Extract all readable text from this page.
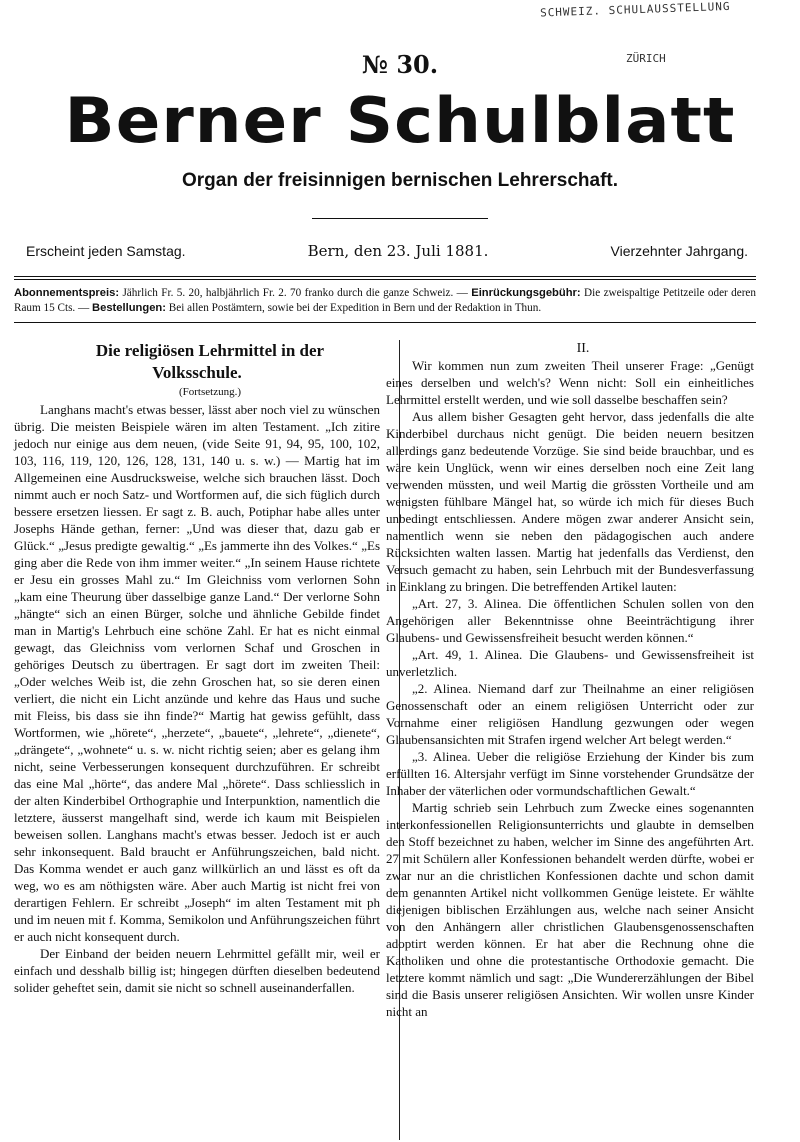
SCHWEIZ. SCHULAUSSTELLUNG
ZÜRICH
№ 30.
Berner Schulblatt
Organ der freisinnigen bernischen Lehrerschaft.
Erscheint jeden Samstag.	Bern, den 23. Juli 1881.	Vierzehnter Jahrgang.
Abonnementspreis: Jährlich Fr. 5. 20, halbjährlich Fr. 2. 70 franko durch die ganze Schweiz. — Einrückungsgebühr: Die zweispaltige Petitzeile oder deren Raum 15 Cts. — Bestellungen: Bei allen Postämtern, sowie bei der Expedition in Bern und der Redaktion in Thun.

Die religiösen Lehrmittel in der
Volksschule.

(Fortsetzung.)

Langhans macht's etwas besser, lässt aber noch viel zu wünschen übrig. Die meisten Beispiele wären im alten Testament. „Ich zitire jedoch nur einige aus dem neuen, (vide Seite 91, 94, 95, 100, 102, 103, 116, 119, 120, 126, 128, 131, 140 u. s. w.) — Martig hat im Allgemeinen eine Ausdrucksweise, welche sich brauchen lässt. Doch nimmt auch er noch Satz- und Wortformen auf, die sich füglich durch bessere ersetzen liessen. Er sagt z. B. auch, Potiphar habe alles unter Josephs Hände gethan, ferner: „Und was dieser that, dazu gab er Glück.“ „Jesus predigte gewaltig.“ „Es jammerte ihn des Volkes.“ „Es ging aber die Rede von ihm immer weiter.“ „In seinem Hause richtete er Jesu ein grosses Mahl zu.“ Im Gleichniss vom verlornen Sohn „kam eine Theurung über dasselbige ganze Land.“ Der verlorne Sohn „hängte“ sich an einen Bürger, solche und ähnliche Gebilde findet man in Martig's Lehrbuch eine schöne Zahl. Er hat es nicht einmal gewagt, das Gleichniss vom verlornen Schaf und Groschen in gehöriges Deutsch zu übertragen. Er sagt dort im zweiten Theil: „Oder welches Weib ist, die zehn Groschen hat, so sie deren einen verliert, die nicht ein Licht anzünde und kehre das Haus und suche mit Fleiss, bis dass sie ihn finde?“ Martig hat gewiss gefühlt, dass Wortformen, wie „hörete“, „herzete“, „bauete“, „lehrete“, „dienete“, „drängete“, „wohnete“ u. s. w. nicht richtig seien; aber es gelang ihm nicht, seine Verbesserungen konsequent durchzuführen. Er schreibt das eine Mal „hörte“, das andere Mal „hörete“. Dass schliesslich in der alten Kinderbibel Orthographie und Interpunktion, namentlich die letztere, äusserst mangelhaft sind, werde ich kaum mit Beispielen beweisen sollen. Langhans macht's etwas besser. Jedoch ist er auch sehr inkonsequent. Bald braucht er Anführungszeichen, bald nicht. Das Komma wendet er auch ganz willkürlich an und lässt es oft da weg, wo es am nöthigsten wäre. Aber auch Martig ist nicht frei von derartigen Fehlern. Er schreibt „Joseph“ im alten Testament mit ph und im neuen mit f. Komma, Semikolon und Anführungszeichen führt er auch nicht konsequent durch.

Der Einband der beiden neuern Lehrmittel gefällt mir, weil er einfach und desshalb billig ist; hingegen dürften dieselben bedeutend solider geheftet sein, damit sie nicht so schnell auseinanderfallen.

II.

Wir kommen nun zum zweiten Theil unserer Frage: „Genügt eines derselben und welch's? Wenn nicht: Soll ein einheitliches Lehrmittel erstellt werden, und wie soll dasselbe beschaffen sein?

Aus allem bisher Gesagten geht hervor, dass jedenfalls die alte Kinderbibel durchaus nicht genügt. Die beiden neuern besitzen allerdings ganz bedeutende Vorzüge. Sie sind beide brauchbar, und es wäre kein Unglück, wenn wir eines derselben noch eine Zeit lang verwenden müssten, und weil Martig die grössten Vortheile und am wenigsten fühlbare Mängel hat, so würde ich mich für dieses Buch unbedingt entschliessen. Andere mögen zwar anderer Ansicht sein, namentlich wenn sie neben den pädagogischen auch andere Rücksichten walten lassen. Martig hat jedenfalls das Verdienst, den Versuch gemacht zu haben, sein Lehrbuch mit der Bundesverfassung in Einklang zu bringen. Die betreffenden Artikel lauten:

„Art. 27, 3. Alinea. Die öffentlichen Schulen sollen von den Angehörigen aller Bekenntnisse ohne Beeinträchtigung ihrer Glaubens- und Gewissensfreiheit besucht werden können.“

„Art. 49, 1. Alinea. Die Glaubens- und Gewissensfreiheit ist unverletzlich.

„2. Alinea. Niemand darf zur Theilnahme an einer religiösen Genossenschaft oder an einem religiösen Unterricht oder zur Vornahme einer religiösen Handlung gezwungen oder wegen Glaubensansichten mit Strafen irgend welcher Art belegt werden.“

„3. Alinea. Ueber die religiöse Erziehung der Kinder bis zum erfüllten 16. Altersjahr verfügt im Sinne vorstehender Grundsätze der Inhaber der väterlichen oder vormundschaftlichen Gewalt.“

Martig schrieb sein Lehrbuch zum Zwecke eines sogenannten interkonfessionellen Religionsunterrichts und glaubte in demselben den Stoff bezeichnet zu haben, welcher im Sinne des angeführten Art. 27 mit Schülern aller Konfessionen behandelt werden dürfte, wobei er zwar nur an die christlichen Konfessionen dachte und schon damit dem genannten Artikel nicht vollkommen Genüge leistete. Er wählte diejenigen biblischen Erzählungen aus, welche nach seiner Ansicht von den Anhängern aller christlichen Glaubensgenossenschaften adoptirt werden können. Er hat aber die Rechnung ohne die Katholiken und ohne die protestantische Orthodoxie gemacht. Die letztere kommt nämlich und sagt: „Die Wundererzählungen der Bibel sind die Basis unserer religiösen Ansichten. Wir wollen unsre Kinder nicht an
